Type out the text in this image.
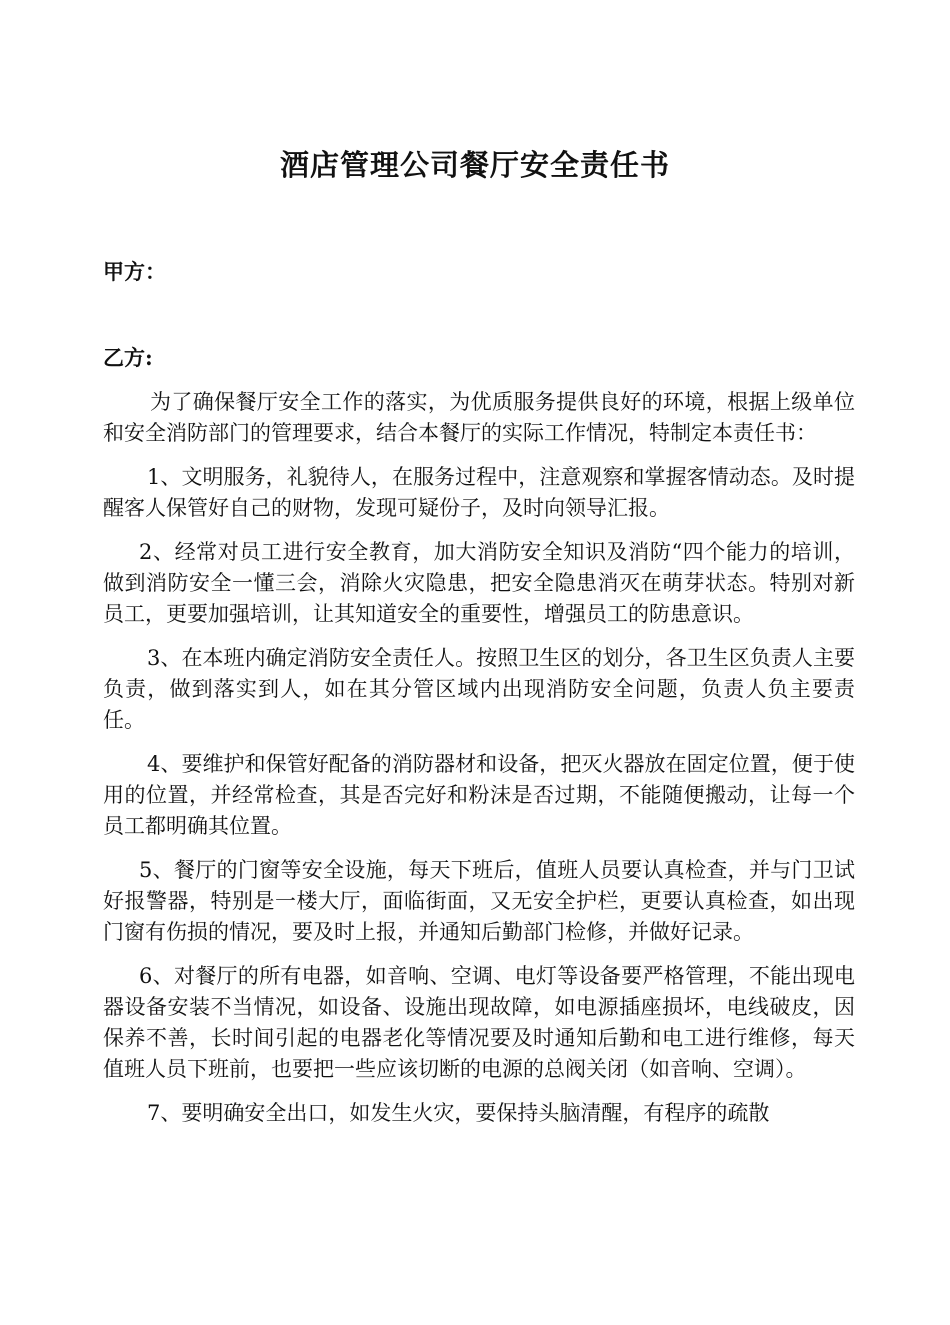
酒店管理公司餐厅安全责任书

甲方：

乙方:

为了确保餐厅安全工作的落实，为优质服务提供良好的环境，根据上级单位和安全消防部门的管理要求，结合本餐厅的实际工作情况，特制定本责任书：

1、文明服务，礼貌待人，在服务过程中，注意观察和掌握客情动态。及时提醒客人保管好自己的财物，发现可疑份子，及时向领导汇报。

2、经常对员工进行安全教育，加大消防安全知识及消防“四个能力的培训，做到消防安全一懂三会，消除火灾隐患，把安全隐患消灭在萌芽状态。特别对新员工，更要加强培训，让其知道安全的重要性，增强员工的防患意识。

3、在本班内确定消防安全责任人。按照卫生区的划分，各卫生区负责人主要负责，做到落实到人，如在其分管区域内出现消防安全问题，负责人负主要责任。

4、要维护和保管好配备的消防器材和设备，把灭火器放在固定位置，便于使用的位置，并经常检查，其是否完好和粉沫是否过期，不能随便搬动，让每一个员工都明确其位置。

5、餐厅的门窗等安全设施，每天下班后，值班人员要认真检查，并与门卫试好报警器，特别是一楼大厅，面临街面，又无安全护栏，更要认真检查，如出现门窗有伤损的情况，要及时上报，并通知后勤部门检修，并做好记录。

6、对餐厅的所有电器，如音响、空调、电灯等设备要严格管理，不能出现电器设备安装不当情况，如设备、设施出现故障，如电源插座损坏，电线破皮，因保养不善，长时间引起的电器老化等情况要及时通知后勤和电工进行维修，每天值班人员下班前，也要把一些应该切断的电源的总阀关闭（如音响、空调）。

7、要明确安全出口，如发生火灾，要保持头脑清醒，有程序的疏散
